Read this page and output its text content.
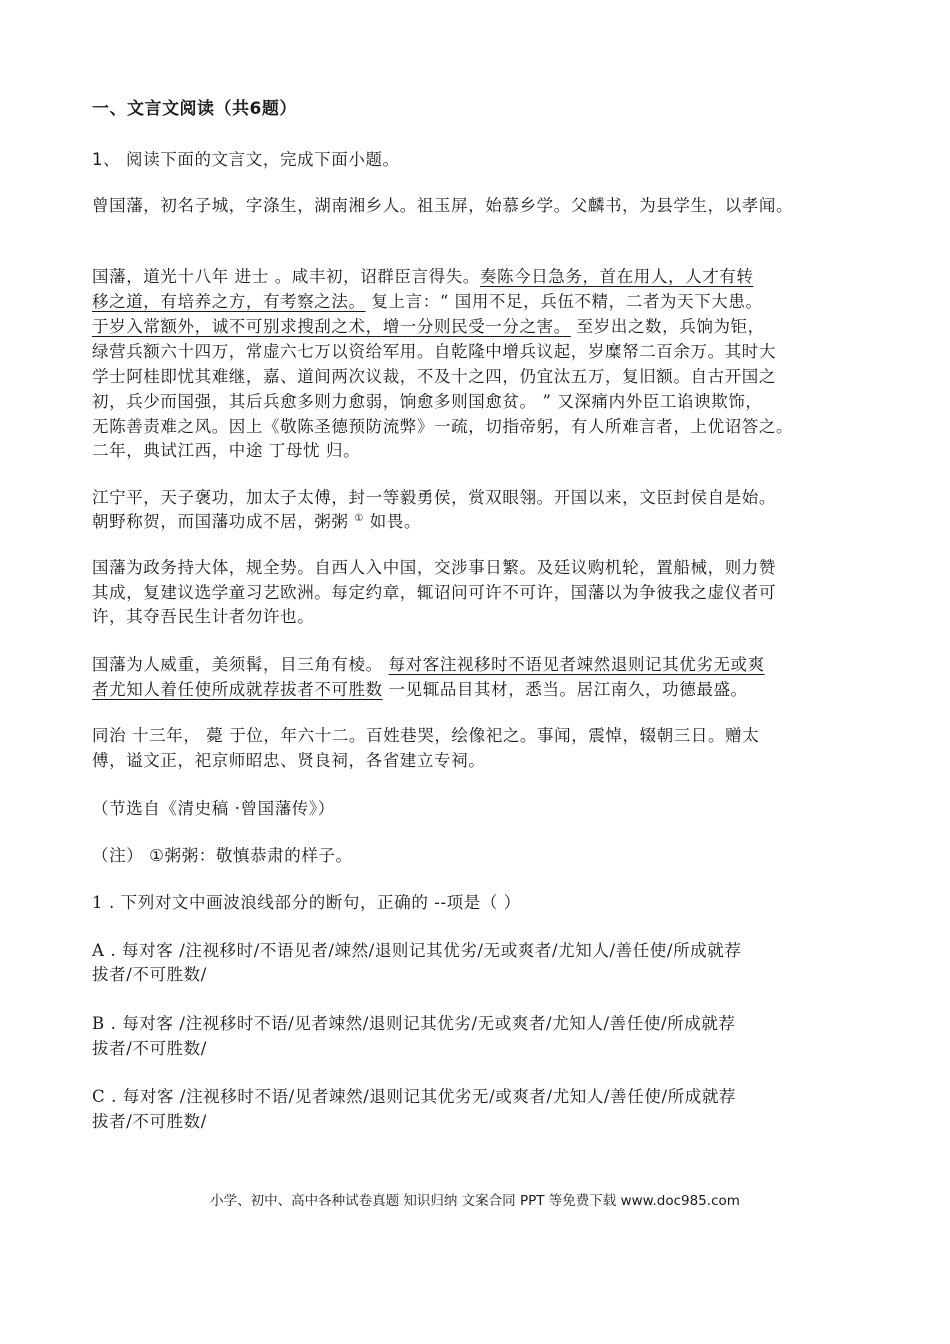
一、文言文阅读（共6题）
1、 阅读下面的文言文，完成下面小题。
曾国藩，初名子城，字涤生，湖南湘乡人。祖玉屏，始慕乡学。父麟书，为县学生，以孝闻。
国藩，道光十八年 进士 。咸丰初，诏群臣言得失。奏陈今日急务，首在用人，人才有转
移之道，有培养之方，有考察之法。 复上言：“ 国用不足，兵伍不精，二者为天下大患。
于岁入常额外，诚不可别求搜刮之术，增一分则民受一分之害。 至岁出之数，兵饷为钜，
绿营兵额六十四万，常虚六七万以资给军用。自乾隆中增兵议起，岁糜帑二百余万。其时大
学士阿桂即忧其难继，嘉、道间两次议裁，不及十之四，仍宜汰五万，复旧额。自古开国之
初，兵少而国强，其后兵愈多则力愈弱，饷愈多则国愈贫。 ” 又深痛内外臣工谄谀欺饰，
无陈善责难之风。因上《敬陈圣德预防流弊》一疏，切指帝躬，有人所难言者，上优诏答之。
二年，典试江西，中途 丁母忧 归。
江宁平，天子褒功，加太子太傅，封一等毅勇侯，赏双眼翎。开国以来，文臣封侯自是始。
朝野称贺，而国藩功成不居，粥粥 ① 如畏。
国藩为政务持大体，规全势。自西人入中国，交涉事日繁。及廷议购机轮，置船械，则力赞
其成，复建议选学童习艺欧洲。每定约章，辄诏问可许不可许，国藩以为争彼我之虚仪者可
许，其夺吾民生计者勿许也。
国藩为人威重，美须髯，目三角有棱。 每对客注视移时不语见者竦然退则记其优劣无或爽
者尤知人着任使所成就荐拔者不可胜数 一见辄品目其材，悉当。居江南久，功德最盛。
同治 十三年， 薨 于位，年六十二。百姓巷哭，绘像祀之。事闻，震悼，辍朝三日。赠太
傅，谥文正，祀京师昭忠、贤良祠，各省建立专祠。
（节选自《清史稿 ·曾国藩传》）
（注） ①粥粥：敬慎恭肃的样子。
1 . 下列对文中画波浪线部分的断句，正确的 --项是（ ）
A . 每对客 /注视移时/不语见者/竦然/退则记其优劣/无或爽者/尤知人/善任使/所成就荐
拔者/不可胜数/
B . 每对客 /注视移时不语/见者竦然/退则记其优劣/无或爽者/尤知人/善任使/所成就荐
拔者/不可胜数/
C . 每对客 /注视移时不语/见者竦然/退则记其优劣无/或爽者/尤知人/善任使/所成就荐
拔者/不可胜数/
小学、初中、高中各种试卷真题 知识归纳 文案合同 PPT 等免费下载 www.doc985.com
